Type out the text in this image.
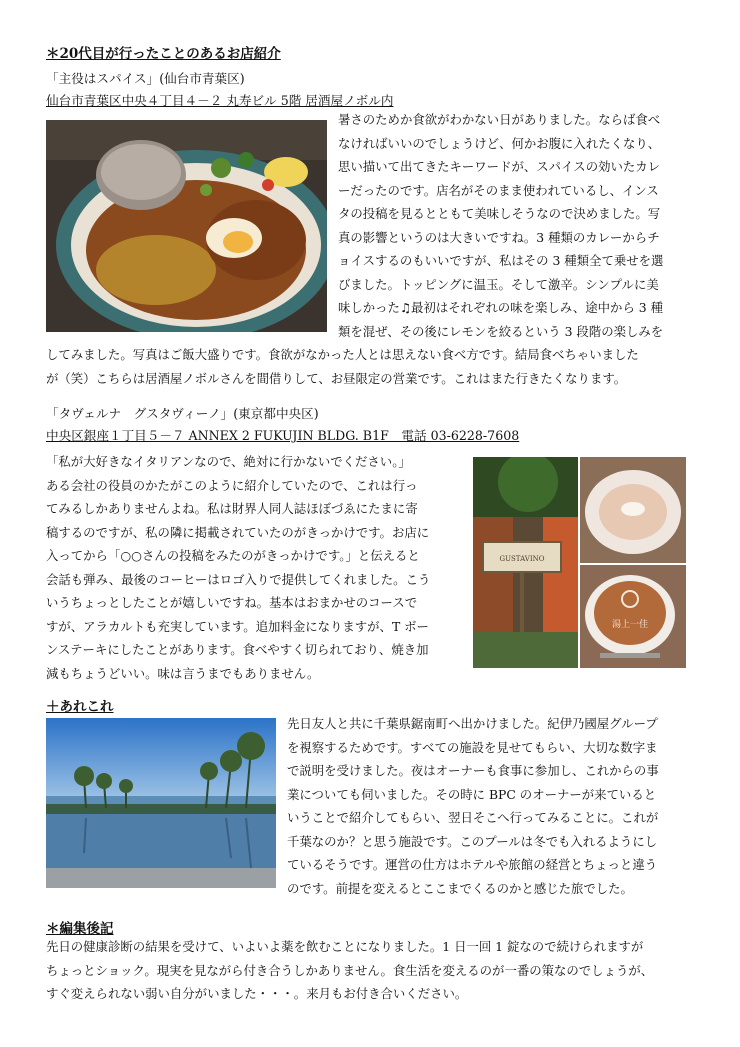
＊20代目が行ったことのあるお店紹介
「主役はスパイス」(仙台市青葉区)
仙台市青葉区中央４丁目４－２ 丸寿ビル 5階 居酒屋ノボル内
暑さのためか食欲がわかない日がありました。ならば食べ
なければいいのでしょうけど、何かお腹に入れたくなり、
思い描いて出てきたキーワードが、スパイスの効いたカレ
ーだったのです。店名がそのまま使われているし、インス
タの投稿を見るとともて美味しそうなので決めました。写
真の影響というのは大きいですね。3 種類のカレーからチ
ョイスするのもいいですが、私はその 3 種類全て乗せを選
びました。トッピングに温玉。そして激辛。シンプルに美
味しかった♫最初はそれぞれの味を楽しみ、途中から 3 種
類を混ぜ、その後にレモンを絞るという 3 段階の楽しみを
してみました。写真はご飯大盛りです。食欲がなかった人とは思えない食べ方です。結局食べちゃいました
が（笑）こちらは居酒屋ノボルさんを間借りして、お昼限定の営業です。これはまた行きたくなります。
「タヴェルナ　グスタヴィーノ」(東京都中央区)
中央区銀座１丁目５－７ ANNEX 2 FUKUJIN BLDG. B1F　電話 03-6228-7608
「私が大好きなイタリアンなので、絶対に行かないでください。」
ある会社の役員のかたがこのように紹介していたので、これは行っ
てみるしかありませんよね。私は財界人同人誌ほぼづゑにたまに寄
稿するのですが、私の隣に掲載されていたのがきっかけです。お店に
入ってから「○○さんの投稿をみたのがきっかけです。」と伝えると
会話も弾み、最後のコーヒーはロゴ入りで提供してくれました。こう
いうちょっとしたことが嬉しいですね。基本はおまかせのコースで
すが、アラカルトも充実しています。追加料金になりますが、T ボー
ンステーキにしたことがあります。食べやすく切られており、焼き加
減もちょうどいい。味は言うまでもありません。
GUSTAVINO
湯上一佳
＋あれこれ
先日友人と共に千葉県鋸南町へ出かけました。紀伊乃國屋グループ
を視察するためです。すべての施設を見せてもらい、大切な数字ま
で説明を受けました。夜はオーナーも食事に参加し、これからの事
業についても伺いました。その時に BPC のオーナーが来ていると
いうことで紹介してもらい、翌日そこへ行ってみることに。これが
千葉なのか？と思う施設です。このプールは冬でも入れるようにし
ているそうです。運営の仕方はホテルや旅館の経営とちょっと違う
のです。前提を変えるとここまでくるのかと感じた旅でした。
＊編集後記
先日の健康診断の結果を受けて、いよいよ薬を飲むことになりました。1 日一回 1 錠なので続けられますが
ちょっとショック。現実を見ながら付き合うしかありません。食生活を変えるのが一番の策なのでしょうが、
すぐ変えられない弱い自分がいました・・・。来月もお付き合いください。
